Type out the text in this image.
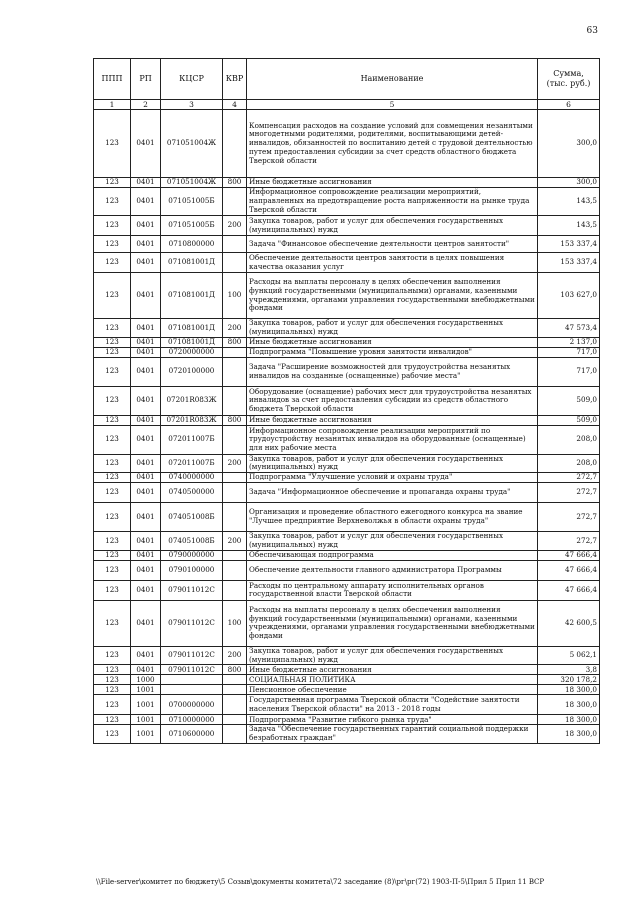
63
ППП	РП	КЦСР	КВР	Наименование	Сумма,
(тыс. руб.)
1	2	3	4	5	6
123	0401	071051004Ж		Компенсация расходов на создание условий для совмещения незанятыми многодетными родителями, родителями, воспитывающими детей-инвалидов, обязанностей по воспитанию детей с трудовой деятельностью путем предоставления субсидии за счет средств областного бюджета Тверской области	300,0
123	0401	071051004Ж	800	Иные бюджетные ассигнования	300,0
123	0401	071051005Б		Информационное сопровождение реализации мероприятий, направленных на предотвращение роста напряженности на рынке труда Тверской области	143,5
123	0401	071051005Б	200	Закупка товаров, работ и услуг для обеспечения государственных (муниципальных) нужд	143,5
123	0401	0710800000		Задача "Финансовое обеспечение деятельности центров занятости"	153 337,4
123	0401	071081001Д		Обеспечение деятельности центров занятости в целях повышения качества оказания услуг	153 337,4
123	0401	071081001Д	100	Расходы на выплаты персоналу в целях обеспечения выполнения функций государственными (муниципальными) органами, казенными учреждениями, органами управления государственными внебюджетными фондами	103 627,0
123	0401	071081001Д	200	Закупка товаров, работ и услуг для обеспечения государственных (муниципальных) нужд	47 573,4
123	0401	071081001Д	800	Иные бюджетные ассигнования	2 137,0
123	0401	0720000000		Подпрограмма "Повышение уровня занятости инвалидов"	717,0
123	0401	0720100000		Задача "Расширение возможностей для трудоустройства незанятых инвалидов на созданные (оснащенные) рабочие места"	717,0
123	0401	07201R083Ж		Оборудование (оснащение) рабочих мест для трудоустройства незанятых инвалидов за счет предоставления субсидии из средств областного бюджета Тверской области	509,0
123	0401	07201R083Ж	800	Иные бюджетные ассигнования	509,0
123	0401	072011007Б		Информационное сопровождение реализации мероприятий по трудоустройству незанятых инвалидов на оборудованные (оснащенные) для них рабочие места	208,0
123	0401	072011007Б	200	Закупка товаров, работ и услуг для обеспечения государственных (муниципальных) нужд	208,0
123	0401	0740000000		Подпрограмма "Улучшение условий и охраны труда"	272,7
123	0401	0740500000		Задача "Информационное обеспечение и пропаганда охраны труда"	272,7
123	0401	074051008Б		Организация и проведение областного ежегодного конкурса на звание "Лучшее предприятие Верхневолжья в области охраны труда"	272,7
123	0401	074051008Б	200	Закупка товаров, работ и услуг для обеспечения государственных (муниципальных) нужд	272,7
123	0401	0790000000		Обеспечивающая подпрограмма	47 666,4
123	0401	0790100000		Обеспечение деятельности главного администратора Программы	47 666,4
123	0401	079011012С		Расходы по центральному аппарату исполнительных органов государственной власти Тверской области	47 666,4
123	0401	079011012С	100	Расходы на выплаты персоналу в целях обеспечения выполнения функций государственными (муниципальными) органами, казенными учреждениями, органами управления государственными внебюджетными фондами	42 600,5
123	0401	079011012С	200	Закупка товаров, работ и услуг для обеспечения государственных (муниципальных) нужд	5 062,1
123	0401	079011012С	800	Иные бюджетные ассигнования	3,8
123	1000			СОЦИАЛЬНАЯ ПОЛИТИКА	320 178,2
123	1001			Пенсионное обеспечение	18 300,0
123	1001	0700000000		Государственная программа Тверской области "Содействие занятости населения Тверской области" на 2013 - 2018 годы	18 300,0
123	1001	0710000000		Подпрограмма "Развитие гибкого рынка труда"	18 300,0
123	1001	0710600000		Задача "Обеспечение государственных гарантий социальной поддержки безработных граждан"	18 300,0
\\File-server\комитет по бюджету\5 Созыв\документы комитета\72 заседание (8)\рг\рг(72) 1903-П-5\Прил 5 Прил 11 ВСР
